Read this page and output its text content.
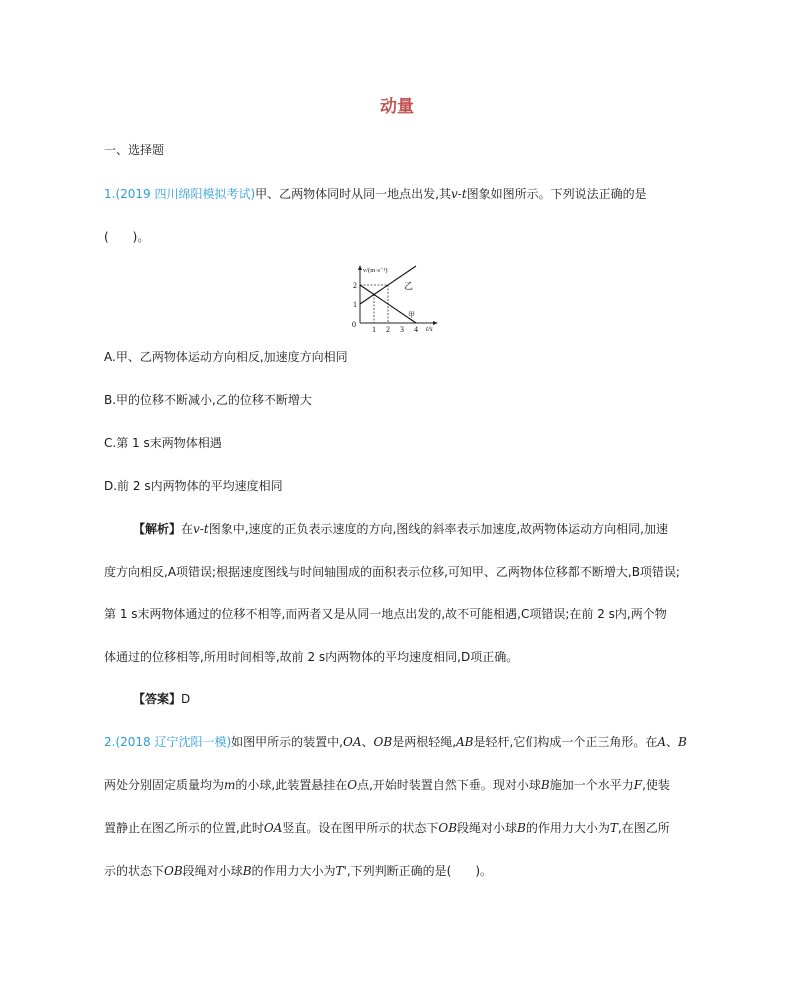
动量
一、选择题
1.(2019 四川绵阳模拟考试)甲、乙两物体同时从同一地点出发,其v-t图象如图所示。下列说法正确的是
(　　)。
v/(m·s⁻¹)
0
2
1
1 2 3 4 t/s
乙
甲
A.甲、乙两物体运动方向相反,加速度方向相同
B.甲的位移不断减小,乙的位移不断增大
C.第 1 s末两物体相遇
D.前 2 s内两物体的平均速度相同
【解析】在v-t图象中,速度的正负表示速度的方向,图线的斜率表示加速度,故两物体运动方向相同,加速
度方向相反,A项错误;根据速度图线与时间轴围成的面积表示位移,可知甲、乙两物体位移都不断增大,B项错误;
第 1 s末两物体通过的位移不相等,而两者又是从同一地点出发的,故不可能相遇,C项错误;在前 2 s内,两个物
体通过的位移相等,所用时间相等,故前 2 s内两物体的平均速度相同,D项正确。
【答案】D
2.(2018 辽宁沈阳一模)如图甲所示的装置中,OA、OB是两根轻绳,AB是轻杆,它们构成一个正三角形。在A、B
两处分别固定质量均为m的小球,此装置悬挂在O点,开始时装置自然下垂。现对小球B施加一个水平力F,使装
置静止在图乙所示的位置,此时OA竖直。设在图甲所示的状态下OB段绳对小球B的作用力大小为T,在图乙所
示的状态下OB段绳对小球B的作用力大小为T',下列判断正确的是(　　)。
